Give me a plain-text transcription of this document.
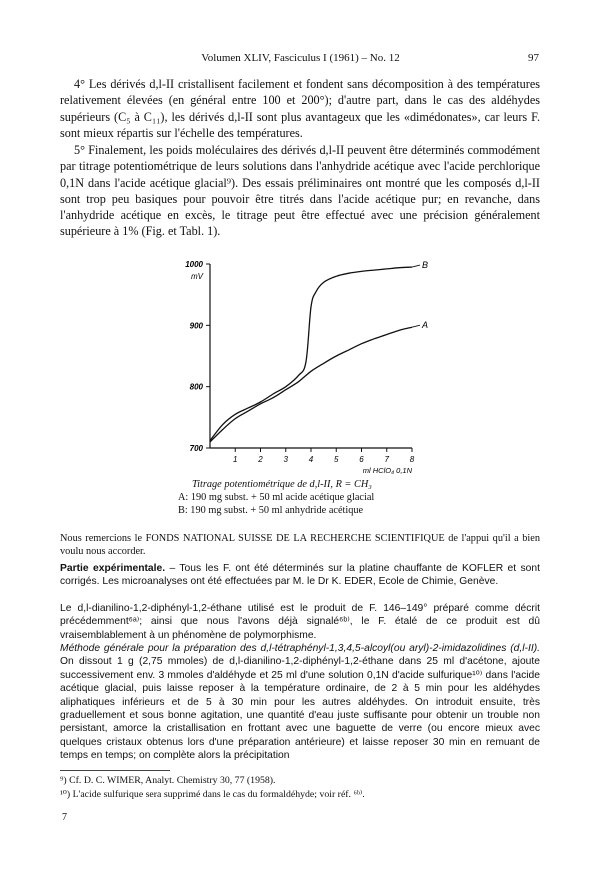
Volumen XLIV, Fasciculus I (1961) – No. 12	97

4° Les dérivés d,l-II cristallisent facilement et fondent sans décomposition à des températures relativement élevées (en général entre 100 et 200°); d'autre part, dans le cas des aldéhydes supérieurs (C₅ à C₁₁), les dérivés d,l-II sont plus avantageux que les «dimédonates», car leurs F. sont mieux répartis sur l'échelle des températures.

5° Finalement, les poids moléculaires des dérivés d,l-II peuvent être déterminés commodément par titrage potentiométrique de leurs solutions dans l'anhydride acétique avec l'acide perchlorique 0,1N dans l'acide acétique glacial⁹). Des essais préliminaires ont montré que les composés d,l-II sont trop peu basiques pour pouvoir être titrés dans l'acide acétique pur; en revanche, dans l'anhydride acétique en excès, le titrage peut être effectué avec une précision généralement supérieure à 1% (Fig. et Tabl. 1).

700
800
900
1000
mV
1	2	3	4	5	6	7	8
ml HClO₄ 0,1N
A
B
Titrage potentiométrique de d,l-II, R = CH₃
A: 190 mg subst. + 50 ml acide acétique glacial
B: 190 mg subst. + 50 ml anhydride acétique

Nous remercions le FONDS NATIONAL SUISSE DE LA RECHERCHE SCIENTIFIQUE de l'appui qu'il a bien voulu nous accorder.

Partie expérimentale. – Tous les F. ont été déterminés sur la platine chauffante de KOFLER et sont corrigés. Les microanalyses ont été effectuées par M. le Dr K. EDER, Ecole de Chimie, Genève.

Le d,l-dianilino-1,2-diphényl-1,2-éthane utilisé est le produit de F. 146–149° préparé comme décrit précédemment⁶ᵃ⁾; ainsi que nous l'avons déjà signalé⁶ᵇ⁾, le F. étalé de ce produit est dû vraisemblablement à un phénomène de polymorphisme.

Méthode générale pour la préparation des d,l-tétraphényl-1,3,4,5-alcoyl(ou aryl)-2-imidazolidines (d,l-II). On dissout 1 g (2,75 mmoles) de d,l-dianilino-1,2-diphényl-1,2-éthane dans 25 ml d'acétone, ajoute successivement env. 3 mmoles d'aldéhyde et 25 ml d'une solution 0,1N d'acide sulfurique¹⁰⁾ dans l'acide acétique glacial, puis laisse reposer à la température ordinaire, de 2 à 5 min pour les aldéhydes aliphatiques inférieurs et de 5 à 30 min pour les autres aldéhydes. On introduit ensuite, très graduellement et sous bonne agitation, une quantité d'eau juste suffisante pour obtenir un trouble non persistant, amorce la cristallisation en frottant avec une baguette de verre (ou encore mieux avec quelques cristaux obtenus lors d'une préparation antérieure) et laisse reposer 30 min en remuant de temps en temps; on complète alors la précipitation

⁹) Cf. D. C. WIMER, Analyt. Chemistry 30, 77 (1958).
¹⁰) L'acide sulfurique sera supprimé dans le cas du formaldéhyde; voir réf. ⁶ᵇ⁾.
7
